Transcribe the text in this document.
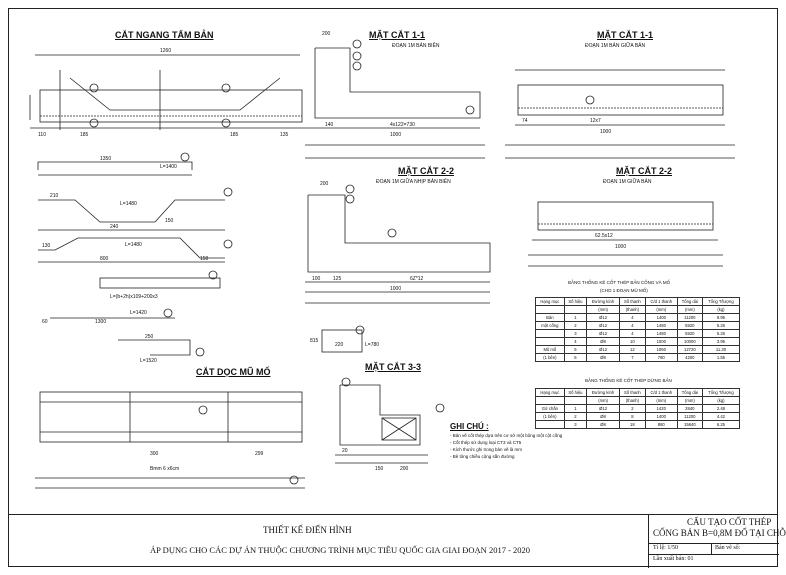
CẮT NGANG TẤM BẢN	MẶT CẮT 1-1
ĐOẠN 1M BẢN BIÊN
MẶT CẮT 1-1
ĐOẠN 1M BẢN GIỮA BẢN
MẶT CẮT 2-2
ĐOẠN 1M GIỮA NHỊP BẢN BIÊN
MẶT CẮT 2-2
ĐOẠN 1M GIỮA BẢN
CẮT DỌC MŨ MỐ	MẶT CẮT 3-3
1260
110	185	185	135
1350
L=1400
210
L=1480
240
150
130
800
L=1480
150
L=(b+2h)x109+200x3
60	1300
L=1420
250
L=1520
815
220	L=780
200
140	4x122=730
1000
74	12x7
1000
200
100	125	6Z*12
1000
62.5x12
1000
300	299
Bmm 6 x6cm
20
150	200
BẢNG THỐNG KÊ CỐT THÉP BẢN CỐNG VÀ MỐ
(CHO 1 ĐOẠN MŨ MỐ)
Hạng mục	Số hiệu	Đường kính	Số thanh	C/d 1 thanh	Tổng dài	Tổng T/lượng
		(mm)	(thanh)	(mm)	(mm)	(kg)
Bản	1	Ø12	4	1400	11200	9.95
một cống	2	Ø12	4	1480	5920	5.26
	3	Ø12	4	1480	5920	5.26
	4	Ø8	10	1000	10000	3.95
Mũ mố	5	Ø12	12	1060	12720	11.30
(1 bên)	6	Ø8	7	780	4200	1.55
BẢNG THỐNG KÊ CỐT THÉP DỪNG BẢN
Hạng mục	Số hiệu	Đường kính	Số thanh	C/d 1 thanh	Tổng dài	Tổng T/lượng
		(mm)	(thanh)	(mm)	(mm)	(kg)
Gờ chắn	1	Ø12	2	1420	2840	2.48
(1 bên)	2	Ø8	8	1400	11200	4.42
	3	Ø8	18	880	15840	6.25
GHI CHÚ :
- Bản vẽ cốt thép dựa trên cơ sở một bông một cột cống
- Cốt thép sử dụng loại CT3 và CT5
- Kích thước ghi trong bản vẽ là mm
- Bê tông chiều cộng sẵn đường
THIẾT KẾ ĐIỂN HÌNH
ÁP DỤNG CHO CÁC DỰ ÁN THUỘC CHƯƠNG TRÌNH MỤC TIÊU QUỐC GIA GIAI ĐOẠN 2017 - 2020
CẤU TẠO CỐT THÉP
CỐNG BẢN B=0,8M ĐỔ TẠI CHỖ
Tỉ lệ: 1/50	Bản vẽ số:
Lần xuất bản: 01
